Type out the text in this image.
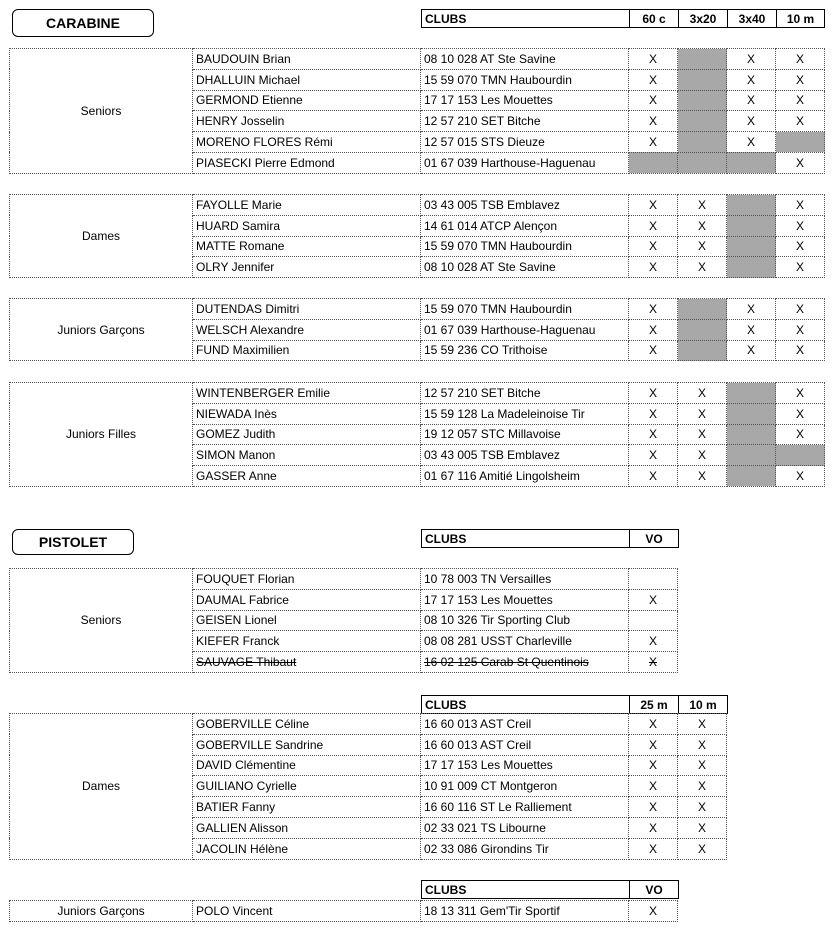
CARABINE	CLUBS	60 c	3x20	3x40	10 m
Seniors	BAUDOUIN Brian	08 10 028 AT Ste Savine	X		X	X
	DHALLUIN Michael	15 59 070 TMN Haubourdin	X		X	X
	GERMOND Etienne	17 17 153 Les Mouettes	X		X	X
	HENRY Josselin	12 57 210 SET Bitche	X		X	X
	MORENO FLORES Rémi	12 57 015 STS Dieuze	X		X	
	PIASECKI Pierre Edmond	01 67 039 Harthouse-Haguenau				X
Dames	FAYOLLE Marie	03 43 005 TSB Emblavez	X	X		X
	HUARD Samira	14 61 014 ATCP Alençon	X	X		X
	MATTE Romane	15 59 070 TMN Haubourdin	X	X		X
	OLRY Jennifer	08 10 028 AT Ste Savine	X	X		X
Juniors Garçons	DUTENDAS Dimitri	15 59 070 TMN Haubourdin	X		X	X
	WELSCH Alexandre	01 67 039 Harthouse-Haguenau	X		X	X
	FUND Maximilien	15 59 236 CO Trithoise	X		X	X
Juniors Filles	WINTENBERGER Emilie	12 57 210 SET Bitche	X	X		X
	NIEWADA Inès	15 59 128 La Madeleinoise Tir	X	X		X
	GOMEZ Judith	19 12 057 STC Millavoise	X	X		X
	SIMON Manon	03 43 005 TSB Emblavez	X	X		
	GASSER Anne	01 67 116 Amitié Lingolsheim	X	X		X
PISTOLET	CLUBS	VO
CLUBS	25 m	10 m
CLUBS	VO
Seniors	FOUQUET Florian	10 78 003 TN Versailles	
	DAUMAL Fabrice	17 17 153 Les Mouettes	X
	GEISEN Lionel	08 10 326 Tir Sporting Club	
	KIEFER Franck	08 08 281 USST Charleville	X
	SAUVAGE Thibaut	16 02 125 Carab St Quentinois	X
Dames	GOBERVILLE Céline	16 60 013 AST Creil	X	X
	GOBERVILLE Sandrine	16 60 013 AST Creil	X	X
	DAVID Clémentine	17 17 153 Les Mouettes	X	X
	GUILIANO Cyrielle	10 91 009 CT Montgeron	X	X
	BATIER Fanny	16 60 116 ST Le Ralliement	X	X
	GALLIEN Alisson	02 33 021 TS Libourne	X	X
	JACOLIN Hélène	02 33 086 Girondins Tir	X	X
Juniors Garçons	POLO Vincent	18 13 311 Gem'Tir Sportif	X
